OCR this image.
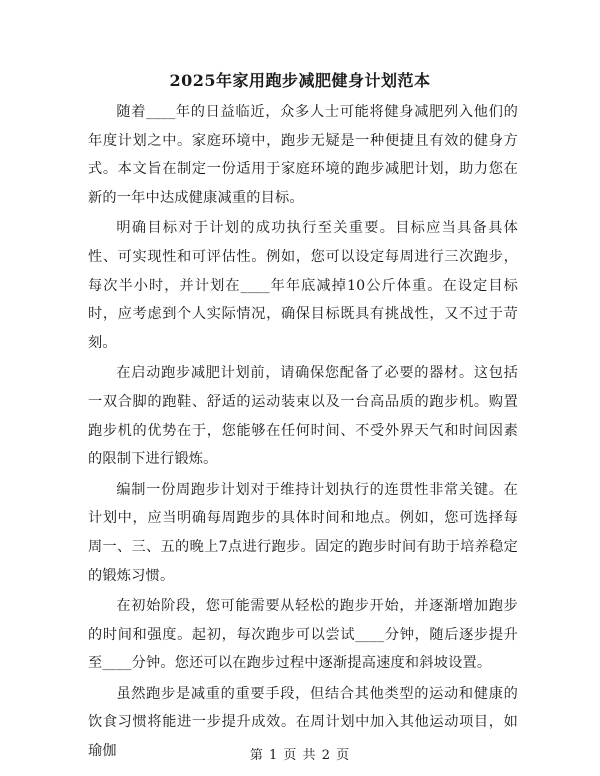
2025年家用跑步减肥健身计划范本

随着____年的日益临近，众多人士可能将健身减肥列入他们的年度计划之中。家庭环境中，跑步无疑是一种便捷且有效的健身方式。本文旨在制定一份适用于家庭环境的跑步减肥计划，助力您在新的一年中达成健康减重的目标。

明确目标对于计划的成功执行至关重要。目标应当具备具体性、可实现性和可评估性。例如，您可以设定每周进行三次跑步，每次半小时，并计划在____年年底减掉10公斤体重。在设定目标时，应考虑到个人实际情况，确保目标既具有挑战性，又不过于苛刻。

在启动跑步减肥计划前，请确保您配备了必要的器材。这包括一双合脚的跑鞋、舒适的运动装束以及一台高品质的跑步机。购置跑步机的优势在于，您能够在任何时间、不受外界天气和时间因素的限制下进行锻炼。

编制一份周跑步计划对于维持计划执行的连贯性非常关键。在计划中，应当明确每周跑步的具体时间和地点。例如，您可选择每周一、三、五的晚上7点进行跑步。固定的跑步时间有助于培养稳定的锻炼习惯。

在初始阶段，您可能需要从轻松的跑步开始，并逐渐增加跑步的时间和强度。起初，每次跑步可以尝试____分钟，随后逐步提升至____分钟。您还可以在跑步过程中逐渐提高速度和斜坡设置。

虽然跑步是减重的重要手段，但结合其他类型的运动和健康的饮食习惯将能进一步提升成效。在周计划中加入其他运动项目，如瑜伽	第 1 页 共 2 页
